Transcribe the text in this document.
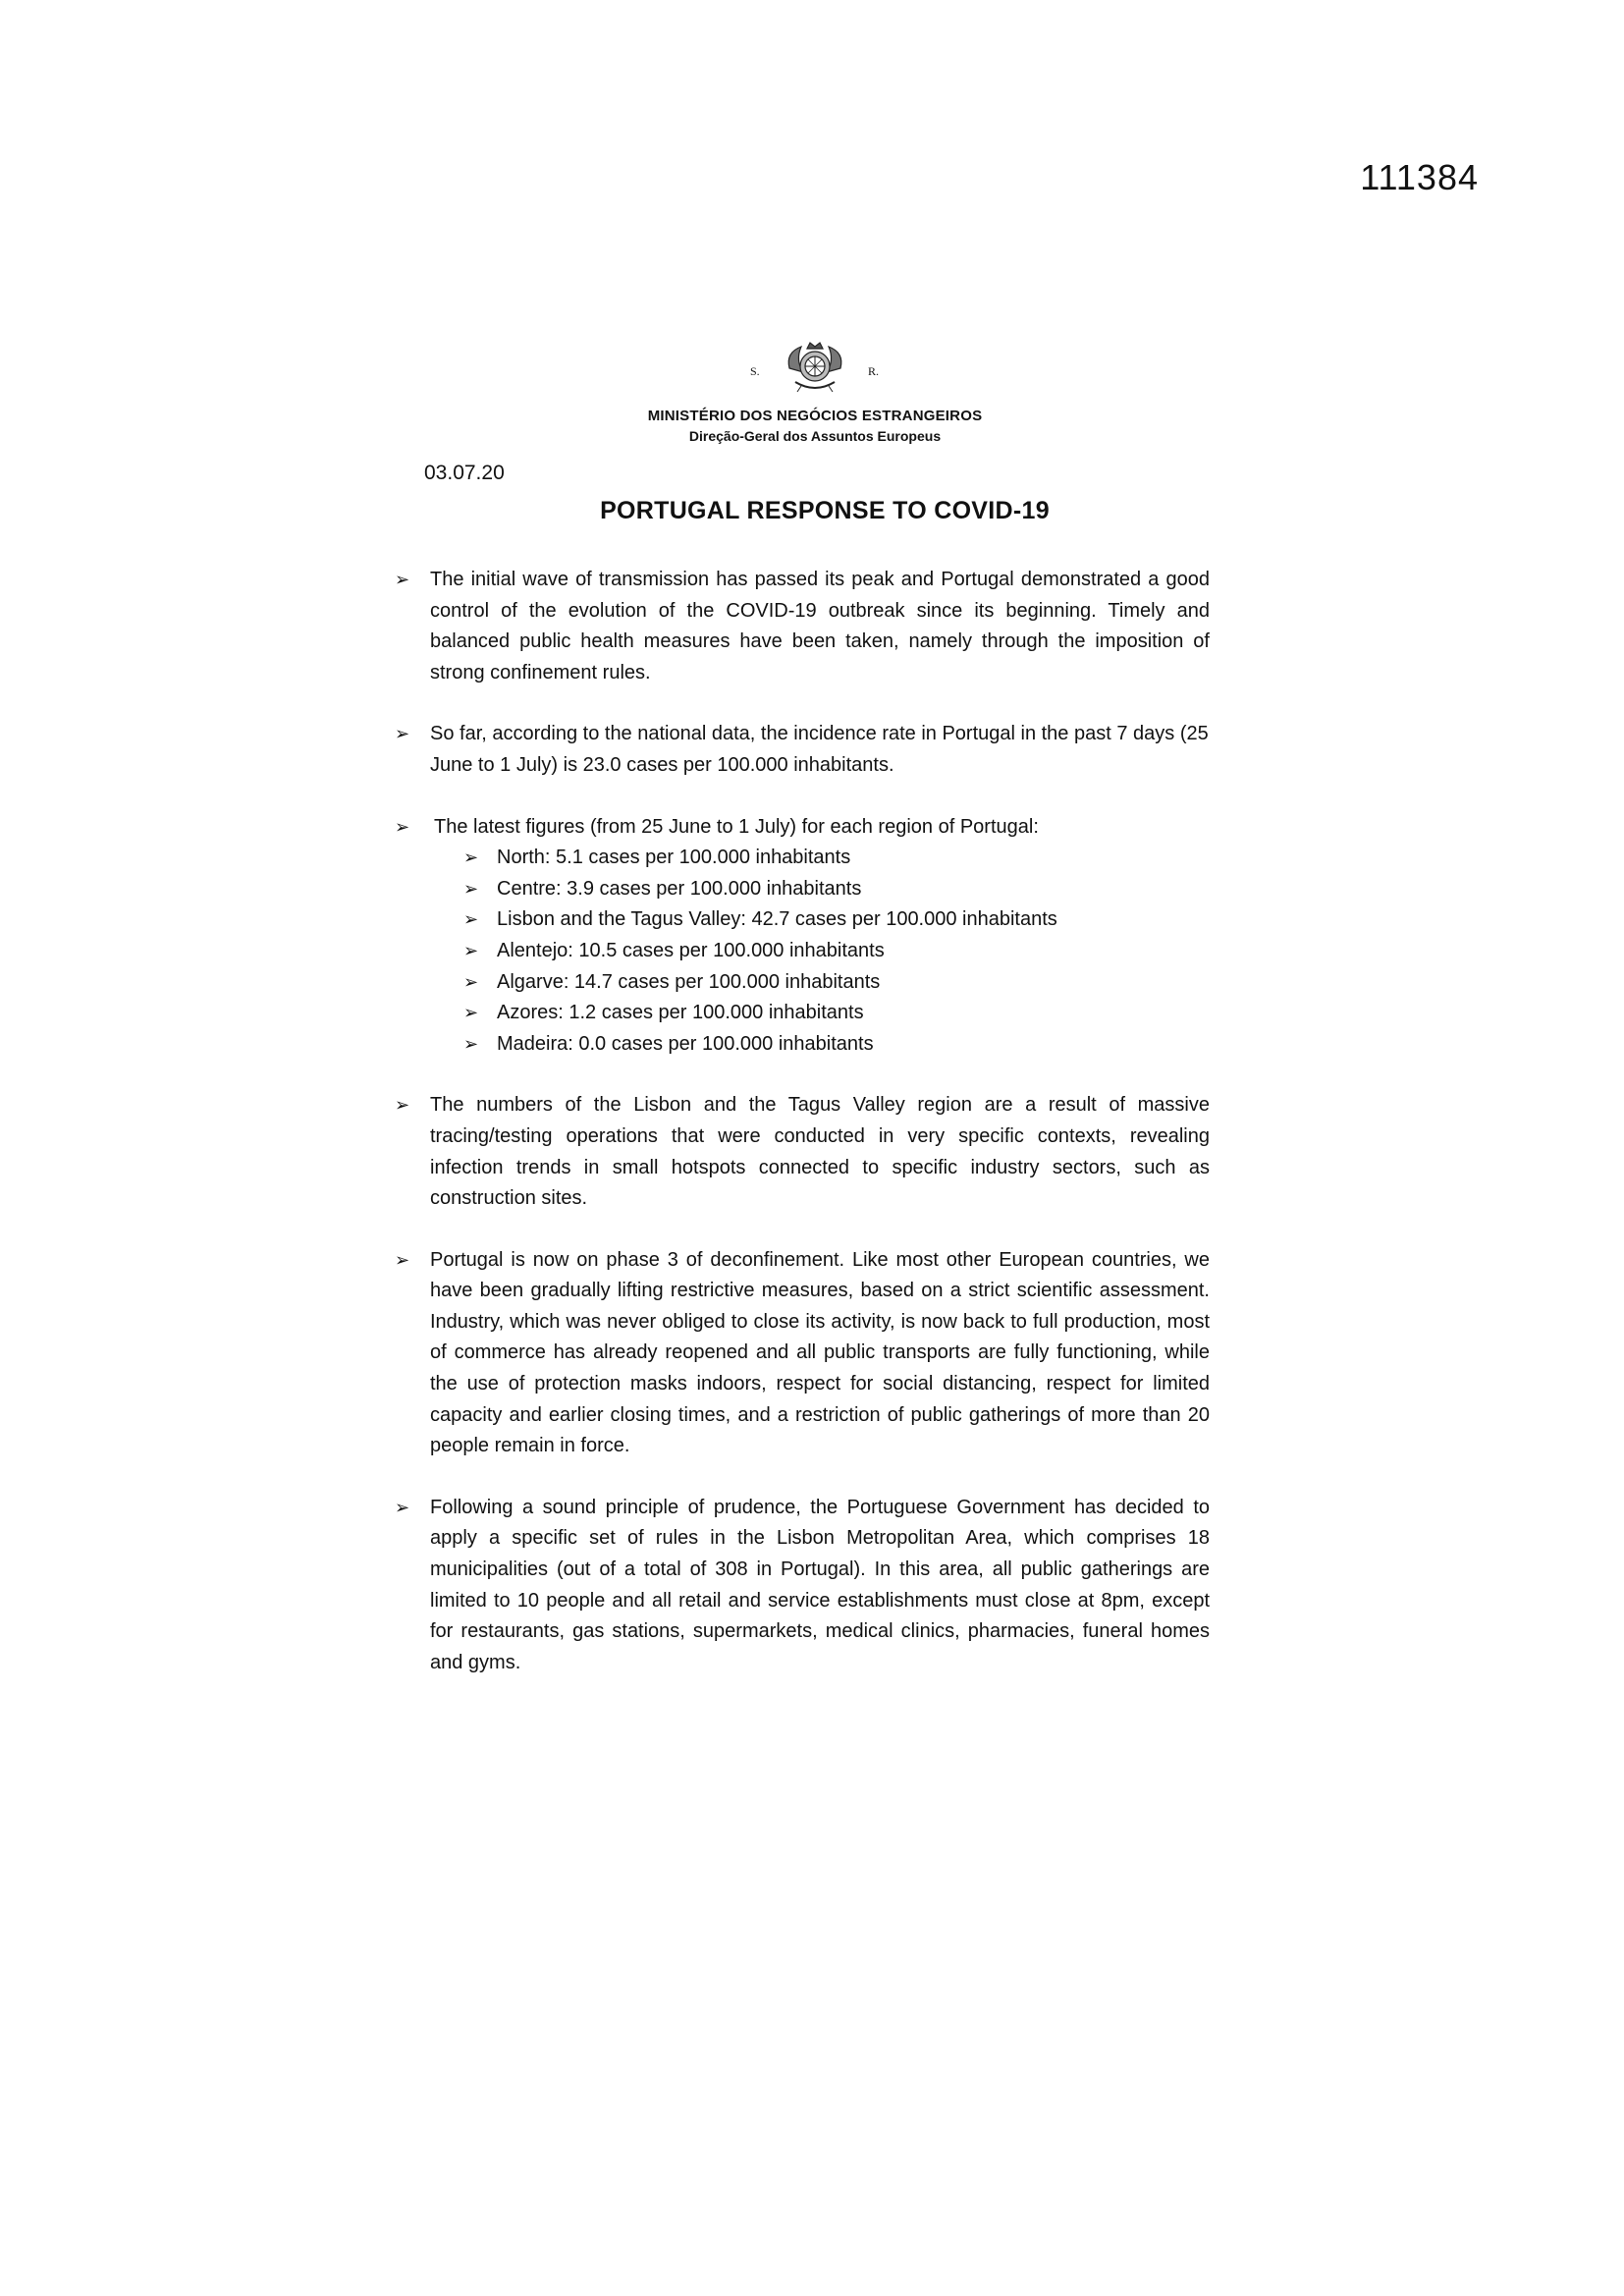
111384
S.	R.
MINISTÉRIO DOS NEGÓCIOS ESTRANGEIROS
Direção-Geral dos Assuntos Europeus
03.07.20
PORTUGAL RESPONSE TO COVID-19
➢	The initial wave of transmission has passed its peak and Portugal demonstrated a good control of the evolution of the COVID-19 outbreak since its beginning. Timely and balanced public health measures have been taken, namely through the imposition of strong confinement rules.
➢	So far, according to the national data, the incidence rate in Portugal in the past 7 days (25 June to 1 July) is 23.0 cases per 100.000 inhabitants.
➢	The latest figures (from 25 June to 1 July) for each region of Portugal:
➢ North: 5.1 cases per 100.000 inhabitants
➢ Centre: 3.9 cases per 100.000 inhabitants
➢ Lisbon and the Tagus Valley: 42.7 cases per 100.000 inhabitants
➢ Alentejo: 10.5 cases per 100.000 inhabitants
➢ Algarve: 14.7 cases per 100.000 inhabitants
➢ Azores: 1.2 cases per 100.000 inhabitants
➢ Madeira: 0.0 cases per 100.000 inhabitants
➢	The numbers of the Lisbon and the Tagus Valley region are a result of massive tracing/testing operations that were conducted in very specific contexts, revealing infection trends in small hotspots connected to specific industry sectors, such as construction sites.
➢	Portugal is now on phase 3 of deconfinement. Like most other European countries, we have been gradually lifting restrictive measures, based on a strict scientific assessment. Industry, which was never obliged to close its activity, is now back to full production, most of commerce has already reopened and all public transports are fully functioning, while the use of protection masks indoors, respect for social distancing, respect for limited capacity and earlier closing times, and a restriction of public gatherings of more than 20 people remain in force.
➢	Following a sound principle of prudence, the Portuguese Government has decided to apply a specific set of rules in the Lisbon Metropolitan Area, which comprises 18 municipalities (out of a total of 308 in Portugal). In this area, all public gatherings are limited to 10 people and all retail and service establishments must close at 8pm, except for restaurants, gas stations, supermarkets, medical clinics, pharmacies, funeral homes and gyms.
